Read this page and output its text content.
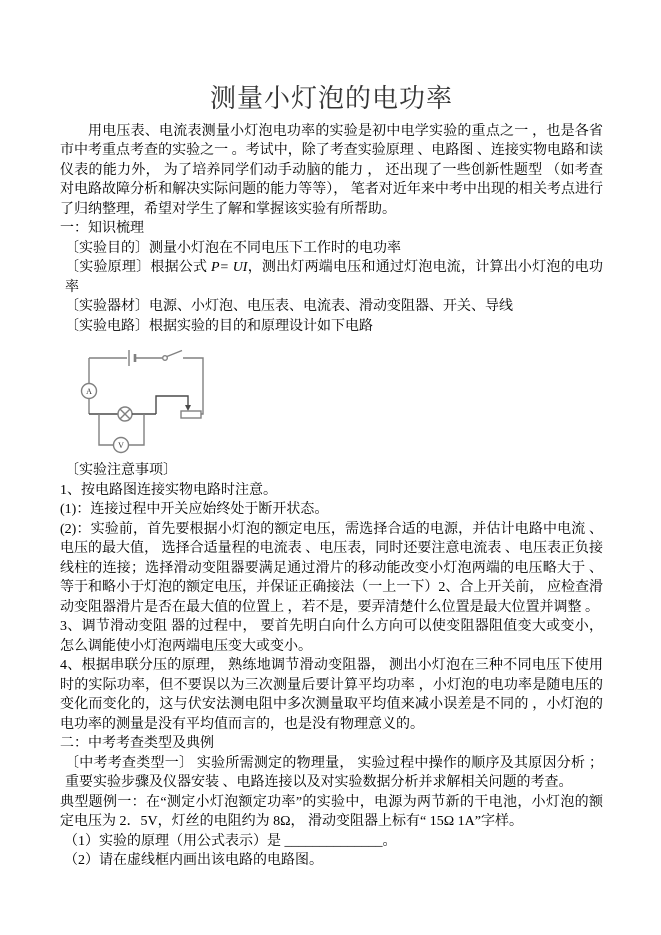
测量小灯泡的电功率

用电压表、电流表测量小灯泡电功率的实验是初中电学实验的重点之一 ，也是各省市中考重点考查的实验之一 。考试中，除了考查实验原理 、电路图 、连接实物电路和读仪表的能力外， 为了培养同学们动手动脑的能力 ， 还出现了一些创新性题型 （如考查对电路故障分析和解决实际问题的能力等等）， 笔者对近年来中考中出现的相关考点进行了归纳整理，希望对学生了解和掌握该实验有所帮助。

一：知识梳理
〔实验目的〕测量小灯泡在不同电压下工作时的电功率
〔实验原理〕根据公式 P= UI，测出灯两端电压和通过灯泡电流，计算出小灯泡的电功率
〔实验器材〕电源、小灯泡、电压表、电流表、滑动变阻器、开关、导线
〔实验电路〕根据实验的目的和原理设计如下电路
A
V
〔实验注意事项〕

1、按电路图连接实物电路时注意。

(1)：连接过程中开关应始终处于断开状态。

(2)：实验前，首先要根据小灯泡的额定电压，需选择合适的电源，并估计电路中电流 、电压的最大值， 选择合适量程的电流表 、电压表，同时还要注意电流表 、电压表正负接线柱的连接；选择滑动变阻器要满足通过滑片的移动能改变小灯泡两端的电压略大于 、等于和略小于灯泡的额定电压，并保证正确接法（一上一下）2、合上开关前， 应检查滑动变阻器滑片是否在最大值的位置上 ，若不是，要弄清楚什么位置是最大位置并调整 。

3、调节滑动变阻 器的过程中， 要首先明白向什么方向可以使变阻器阻值变大或变小，怎么调能使小灯泡两端电压变大或变小。

4、根据串联分压的原理， 熟练地调节滑动变阻器， 测出小灯泡在三种不同电压下使用时的实际功率，但不要误以为三次测量后要计算平均功率 ，小灯泡的电功率是随电压的变化而变化的，这与伏安法测电阻中多次测量取平均值来减小误差是不同的 ，小灯泡的电功率的测量是没有平均值而言的，也是没有物理意义的。

二：中考考查类型及典例

〔中考考查类型一〕 实验所需测定的物理量， 实验过程中操作的顺序及其原因分析 ；重要实验步骤及仪器安装 、电路连接以及对实验数据分析并求解相关问题的考查。

典型题例一：在“测定小灯泡额定功率”的实验中，电源为两节新的干电池，小灯泡的额定电压为 2．5V，灯丝的电阻约为 8Ω， 滑动变阻器上标有“ 15Ω 1A”字样。

（1）实验的原理（用公式表示）是 ______________。

（2）请在虚线框内画出该电路的电路图。
